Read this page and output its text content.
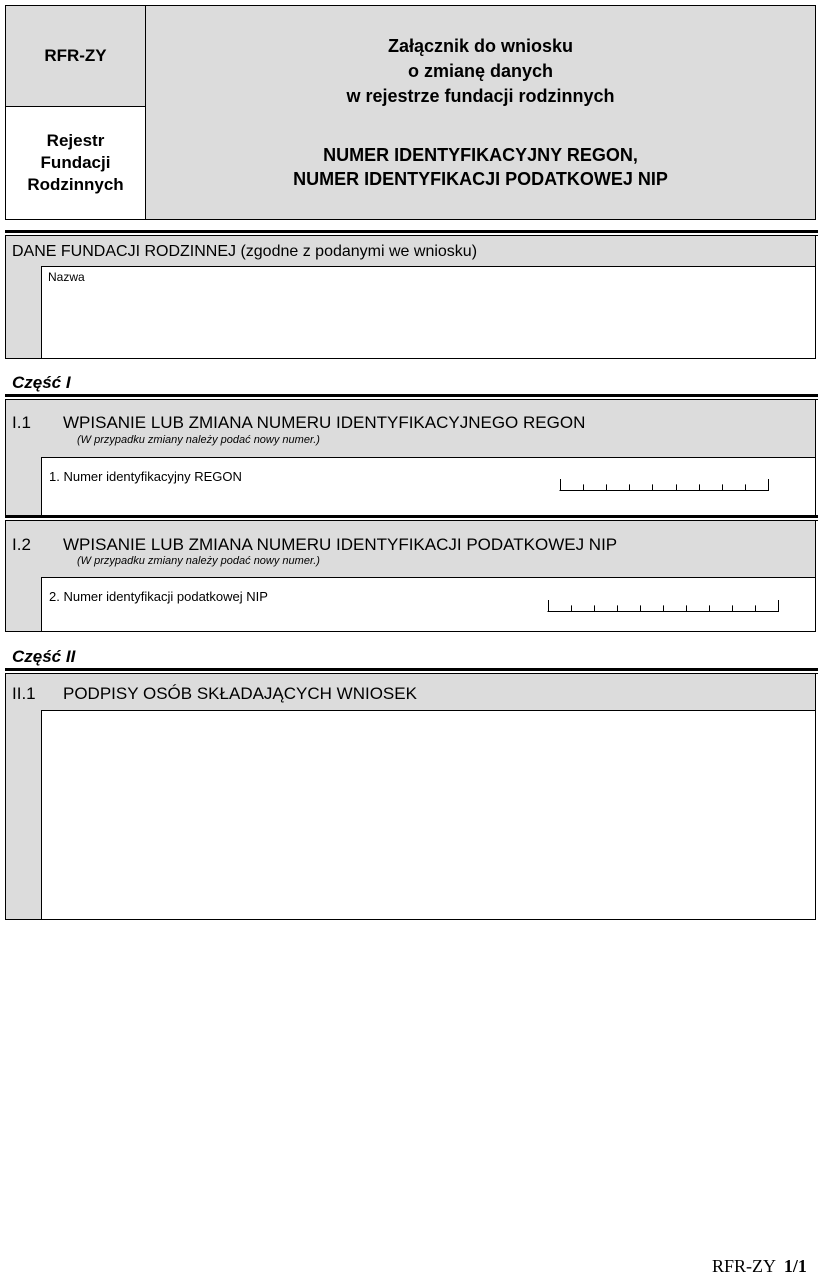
RFR-ZY
Rejestr
Fundacji
Rodzinnych
Załącznik do wniosku
o zmianę danych
w rejestrze fundacji rodzinnych
NUMER IDENTYFIKACYJNY REGON,
NUMER IDENTYFIKACJI PODATKOWEJ NIP
DANE FUNDACJI RODZINNEJ (zgodne z podanymi we wniosku)
Nazwa
Część I
I.1 WPISANIE LUB ZMIANA NUMERU IDENTYFIKACYJNEGO REGON
(W przypadku zmiany należy podać nowy numer.)
1. Numer identyfikacyjny REGON
I.2 WPISANIE LUB ZMIANA NUMERU IDENTYFIKACJI PODATKOWEJ NIP
(W przypadku zmiany należy podać nowy numer.)
2. Numer identyfikacji podatkowej NIP
Część II
II.1 PODPISY OSÓB SKŁADAJĄCYCH WNIOSEK
RFR-ZY 1/1
